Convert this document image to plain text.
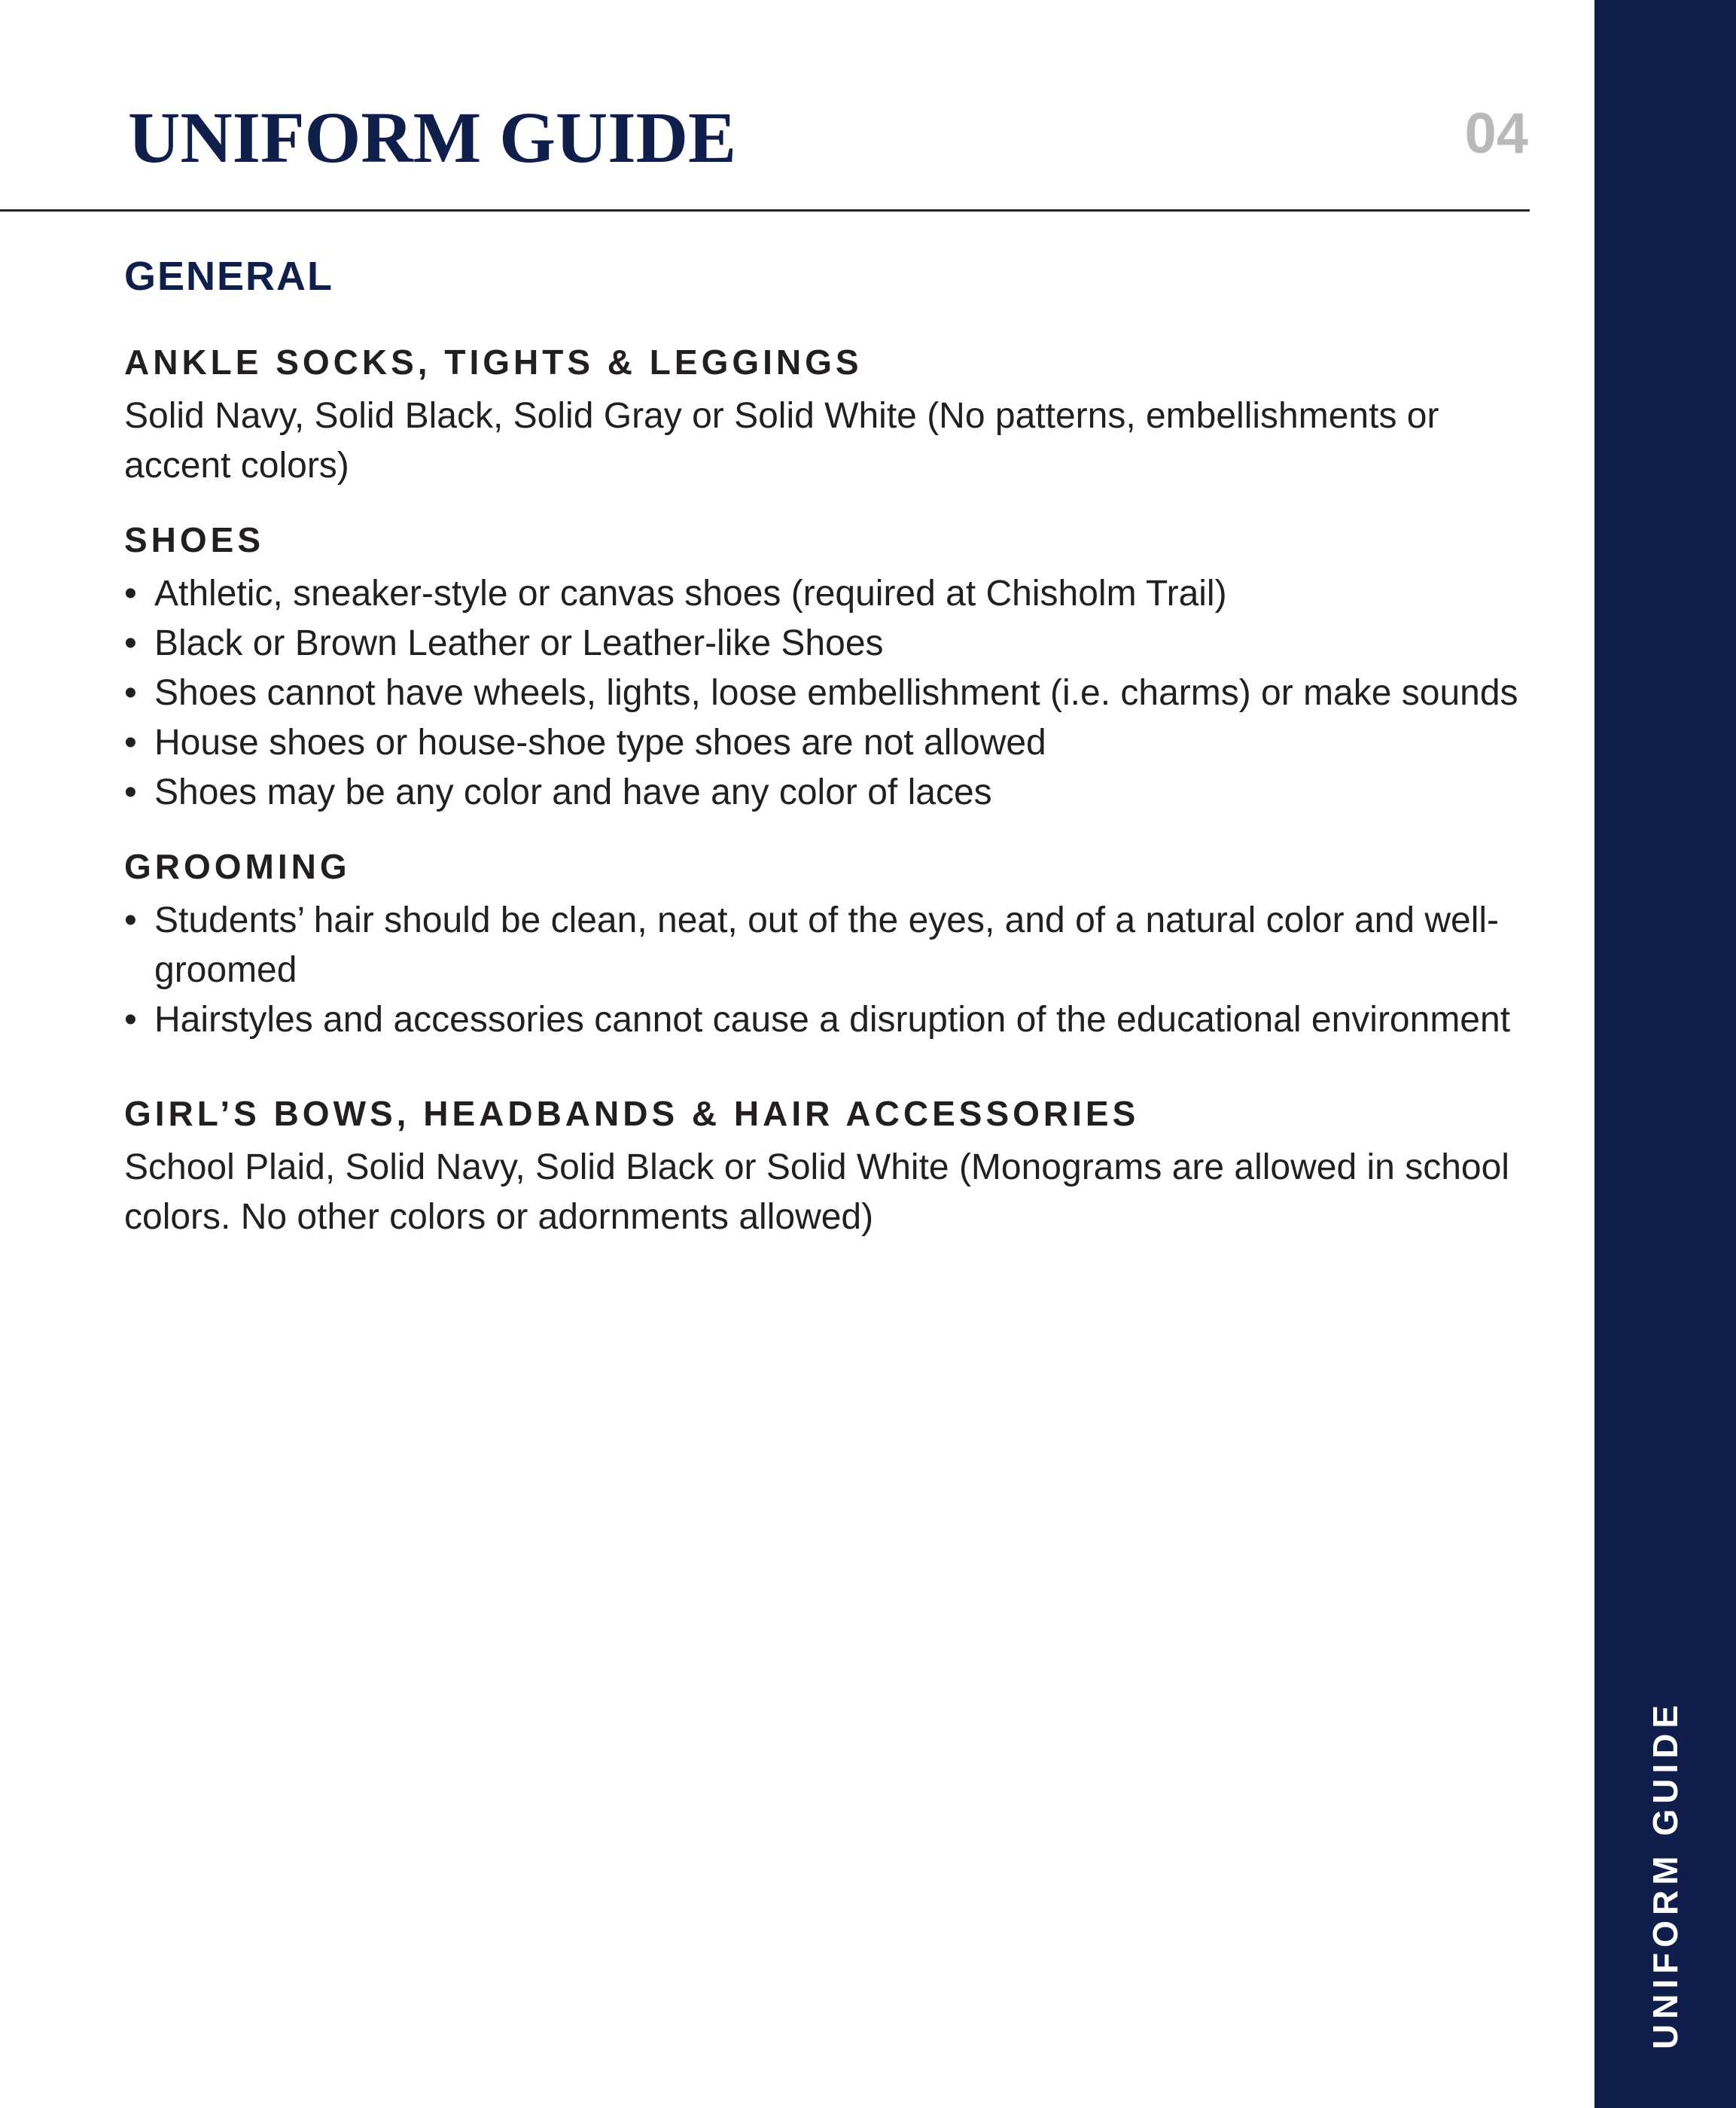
UNIFORM GUIDE	04
GENERAL
ANKLE SOCKS, TIGHTS & LEGGINGS

Solid Navy, Solid Black, Solid Gray or Solid White (No patterns, embellishments or accent colors)

SHOES
• Athletic, sneaker-style or canvas shoes (required at Chisholm Trail)
• Black or Brown Leather or Leather-like Shoes
• Shoes cannot have wheels, lights, loose embellishment (i.e. charms) or make sounds
• House shoes or house-shoe type shoes are not allowed
• Shoes may be any color and have any color of laces
GROOMING
• Students’ hair should be clean, neat, out of the eyes, and of a natural color and well-groomed
• Hairstyles and accessories cannot cause a disruption of the educational environment
GIRL’S BOWS, HEADBANDS & HAIR ACCESSORIES

School Plaid, Solid Navy, Solid Black or Solid White (Monograms are allowed in school colors. No other colors or adornments allowed)

UNIFORM GUIDE
